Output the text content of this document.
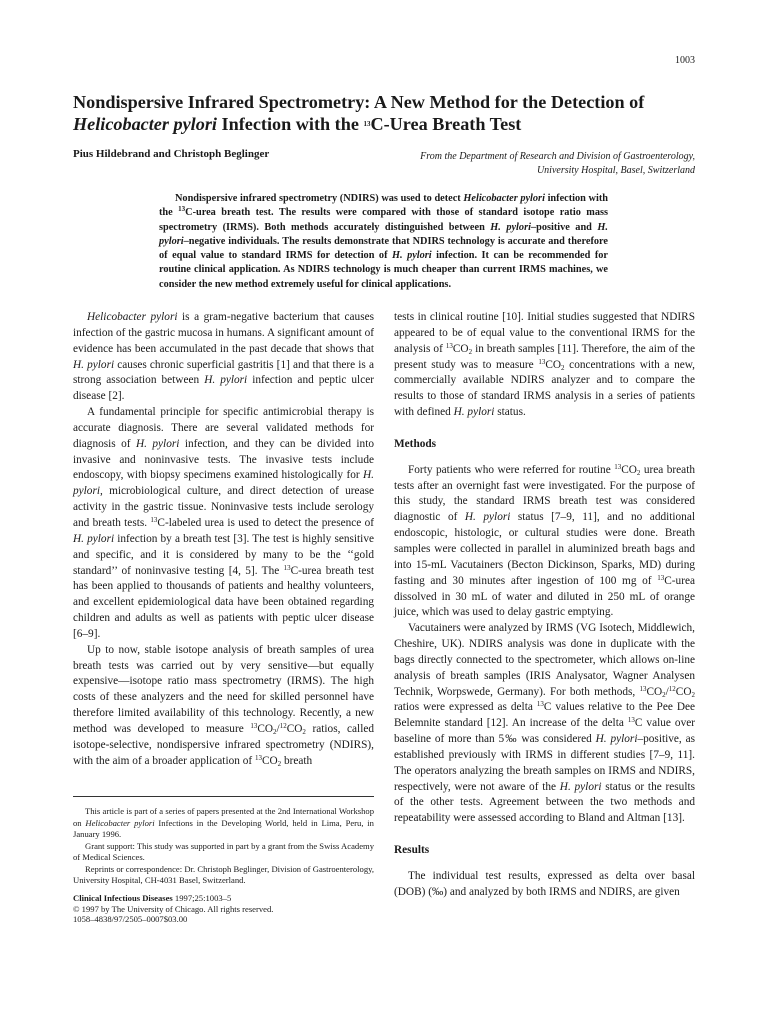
1003
Nondispersive Infrared Spectrometry: A New Method for the Detection of
Helicobacter pylori Infection with the $^{13}$C-Urea Breath Test
Pius Hildebrand and Christoph Beglinger	From the Department of Research and Division of Gastroenterology,
University Hospital, Basel, Switzerland

Nondispersive infrared spectrometry (NDIRS) was used to detect Helicobacter pylori infection with the $^{13}$C-urea breath test. The results were compared with those of standard isotope ratio mass spectrometry (IRMS). Both methods accurately distinguished between H. pylori–positive and H. pylori–negative individuals. The results demonstrate that NDIRS technology is accurate and therefore of equal value to standard IRMS for detection of H. pylori infection. It can be recommended for routine clinical application. As NDIRS technology is much cheaper than current IRMS machines, we consider the new method extremely useful for clinical applications.

Helicobacter pylori is a gram-negative bacterium that causes infection of the gastric mucosa in humans. A significant amount of evidence has been accumulated in the past decade that shows that H. pylori causes chronic superficial gastritis [1] and that there is a strong association between H. pylori infection and peptic ulcer disease [2].

A fundamental principle for specific antimicrobial therapy is accurate diagnosis. There are several validated methods for diagnosis of H. pylori infection, and they can be divided into invasive and noninvasive tests. The invasive tests include endoscopy, with biopsy specimens examined histologically for H. pylori, microbiological culture, and direct detection of urease activity in the gastric tissue. Noninvasive tests include serology and breath tests. $^{13}$C-labeled urea is used to detect the presence of H. pylori infection by a breath test [3]. The test is highly sensitive and specific, and it is considered by many to be the ‘‘gold standard’’ of noninvasive testing [4, 5]. The $^{13}$C-urea breath test has been applied to thousands of patients and healthy volunteers, and excellent epidemiological data have been obtained regarding children and adults as well as patients with peptic ulcer disease [6–9].

Up to now, stable isotope analysis of breath samples of urea breath tests was carried out by very sensitive—but equally expensive—isotope ratio mass spectrometry (IRMS). The high costs of these analyzers and the need for skilled personnel have therefore limited availability of this technology. Recently, a new method was developed to measure $^{13}CO_2/^{12}CO_2$ ratios, called isotope-selective, nondispersive infrared spectrometry (NDIRS), with the aim of a broader application of $^{13}CO_2$ breath

This article is part of a series of papers presented at the 2nd International Workshop on Helicobacter pylori Infections in the Developing World, held in Lima, Peru, in January 1996.

Grant support: This study was supported in part by a grant from the Swiss Academy of Medical Sciences.

Reprints or correspondence: Dr. Christoph Beglinger, Division of Gastroenterology, University Hospital, CH-4031 Basel, Switzerland.

Clinical Infectious Diseases 1997;25:1003–5
© 1997 by The University of Chicago. All rights reserved.
1058–4838/97/2505–0007$03.00

tests in clinical routine [10]. Initial studies suggested that NDIRS appeared to be of equal value to the conventional IRMS for the analysis of $^{13}CO_2$ in breath samples [11]. Therefore, the aim of the present study was to measure $^{13}CO_2$ concentrations with a new, commercially available NDIRS analyzer and to compare the results to those of standard IRMS analysis in a series of patients with defined H. pylori status.

Methods

Forty patients who were referred for routine $^{13}CO_2$ urea breath tests after an overnight fast were investigated. For the purpose of this study, the standard IRMS breath test was considered diagnostic of H. pylori status [7–9, 11], and no additional endoscopic, histologic, or cultural studies were done. Breath samples were collected in parallel in aluminized breath bags and into 15-mL Vacutainers (Becton Dickinson, Sparks, MD) during fasting and 30 minutes after ingestion of 100 mg of $^{13}$C-urea dissolved in 30 mL of water and diluted in 250 mL of orange juice, which was used to delay gastric emptying.

Vacutainers were analyzed by IRMS (VG Isotech, Middlewich, Cheshire, UK). NDIRS analysis was done in duplicate with the bags directly connected to the spectrometer, which allows on-line analysis of breath samples (IRIS Analysator, Wagner Analysen Technik, Worpswede, Germany). For both methods, $^{13}CO_2/^{12}CO_2$ ratios were expressed as delta $^{13}$C values relative to the Pee Dee Belemnite standard [12]. An increase of the delta $^{13}$C value over baseline of more than 5‰ was considered H. pylori–positive, as established previously with IRMS in different studies [7–9, 11]. The operators analyzing the breath samples on IRMS and NDIRS, respectively, were not aware of the H. pylori status or the results of the other tests. Agreement between the two methods and repeatability were assessed according to Bland and Altman [13].

Results

The individual test results, expressed as delta over basal (DOB) (‰) and analyzed by both IRMS and NDIRS, are given
